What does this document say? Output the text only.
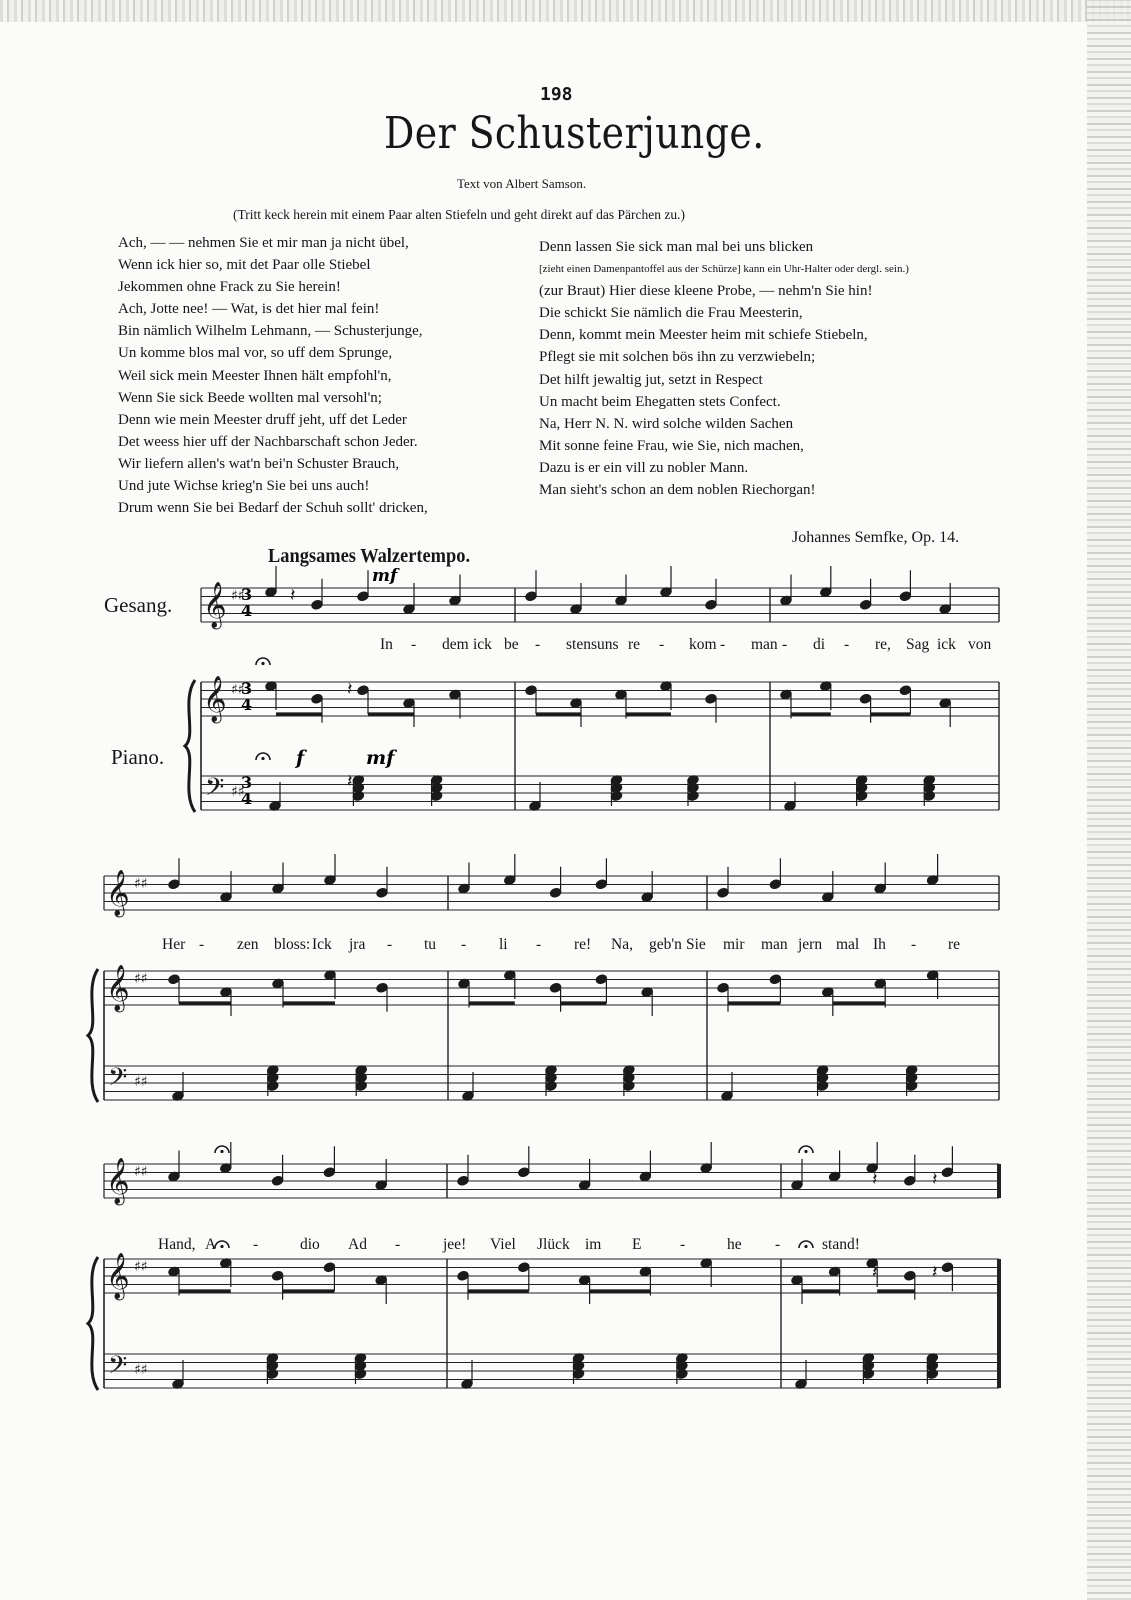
198
Der Schusterjunge.
Text von Albert Samson.
(Tritt keck herein mit einem Paar alten Stiefeln und geht direkt auf das Pärchen zu.)
Ach, — — nehmen Sie et mir man ja nicht übel,
Wenn ick hier so, mit det Paar olle Stiebel
Jekommen ohne Frack zu Sie herein!
Ach, Jotte nee! — Wat, is det hier mal fein!
Bin nämlich Wilhelm Lehmann, — Schusterjunge,
Un komme blos mal vor, so uff dem Sprunge,
Weil sick mein Meester Ihnen hält empfohl'n,
Wenn Sie sick Beede wollten mal versohl'n;
Denn wie mein Meester druff jeht, uff det Leder
Det weess hier uff der Nachbarschaft schon Jeder.
Wir liefern allen's wat'n bei'n Schuster Brauch,
Und jute Wichse krieg'n Sie bei uns auch!
Drum wenn Sie bei Bedarf der Schuh sollt' dricken,
Denn lassen Sie sick man mal bei uns blicken
[zieht einen Damenpantoffel aus der Schürze] kann ein Uhr-Halter oder dergl. sein.)
(zur Braut) Hier diese kleene Probe, — nehm'n Sie hin!
Die schickt Sie nämlich die Frau Meesterin,
Denn, kommt mein Meester heim mit schiefe Stiebeln,
Pflegt sie mit solchen bös ihn zu verzwiebeln;
Det hilft jewaltig jut, setzt in Respect
Un macht beim Ehegatten stets Confect.
Na, Herr N. N. wird solche wilden Sachen
Mit sonne feine Frau, wie Sie, nich machen,
Dazu is er ein vill zu nobler Mann.
Man sieht's schon an dem noblen Riechorgan!
Johannes Semfke, Op. 14.
Langsames Walzertempo.
Gesang.
Piano.
mf
f	mf
3
4
3
4
3
4
𝄞
𝄞
𝄢
♯♯
♯♯
♯♯
𝄞
𝄞
𝄢
♯♯
♯♯
♯♯
𝄞
𝄞
𝄢
♯♯
♯♯
♯♯
𝄽
𝄽
𝄽	𝄽
𝄽	𝄽
𝄽	𝄽
𝄽
In - dem ick be - stens uns re - kom - man - di - re, Sag ick von
Her - zen bloss: Ick jra - tu - li - re! Na, geb'n Sie mir man jern mal Ih - re
Hand, A -	dio Ad -	jee! Viel Jlück im E -	he -	stand!
